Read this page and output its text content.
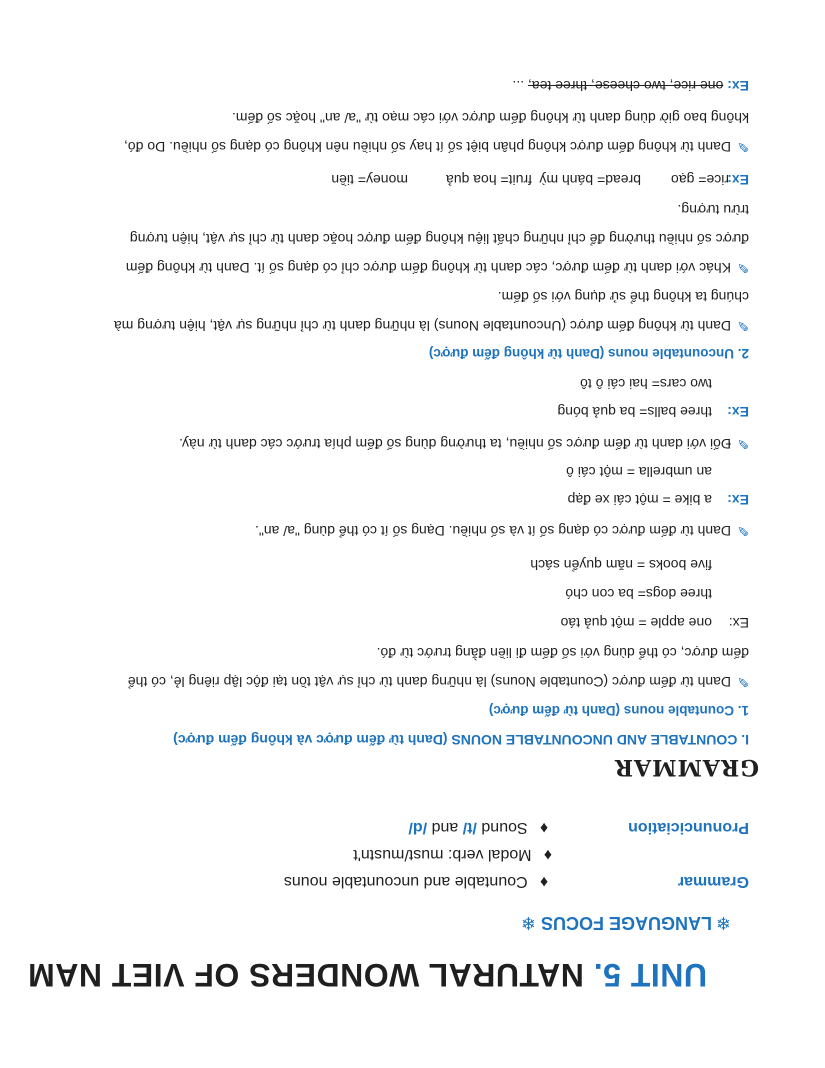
UNIT 5. NATURAL WONDERS OF VIET NAM
❄ LANGUAGE FOCUS ❄
Grammar  ♦ Countable and uncountable nouns
♦ Modal verb: must/mustn't
Pronunciciation  ♦ Sound /t/ and /d/
GRAMMAR
I. COUNTABLE AND UNCOUNTABLE NOUNS (Danh từ đếm được và không đếm được)
1. Countable nouns (Danh từ đếm được)
✎Danh từ đếm được (Countable Nouns) là những danh từ chỉ sự vật tồn tại độc lập riêng lẻ, có thể
đếm được, có thể dùng với số đếm đi liền đằng trước từ đó.
Ex:
one apple = một quả táo
three dogs= ba con chó
five books = năm quyển sách
✎Danh từ đếm được có dạng số ít và số nhiều. Dạng số ít có thể dùng "a/ an".
Ex:
a bike = một cái xe đạp
an umbrella = một cái ô
✎Đối với danh từ đếm được số nhiều, ta thường dùng số đếm phía trước các danh từ này.
Ex:
three balls= ba quả bóng
two cars= hai cái ô tô
2. Uncountable nouns (Danh từ không đếm được)
✎Danh từ không đếm được (Uncountable Nouns) là những danh từ chỉ những sự vật, hiện tượng mà
chúng ta không thể sử dụng với số đếm.
✎Khác với danh từ đếm được, các danh từ không đếm được chỉ có dạng số ít. Danh từ không đếm
được số nhiều thường để chỉ những chất liệu không đếm được hoặc danh từ chỉ sự vật, hiện tượng
trừu tượng.
Ex:
rice= gạo
bread= bánh mỳ
fruit= hoa quả
money= tiền
✎Danh từ không đếm được không phân biệt số ít hay số nhiều nên không có dạng số nhiều. Do đó,
không bao giờ dùng danh từ không đếm được với các mạo từ "a/ an" hoặc số đếm.
Ex: one rice, two cheese, three tea, ...
